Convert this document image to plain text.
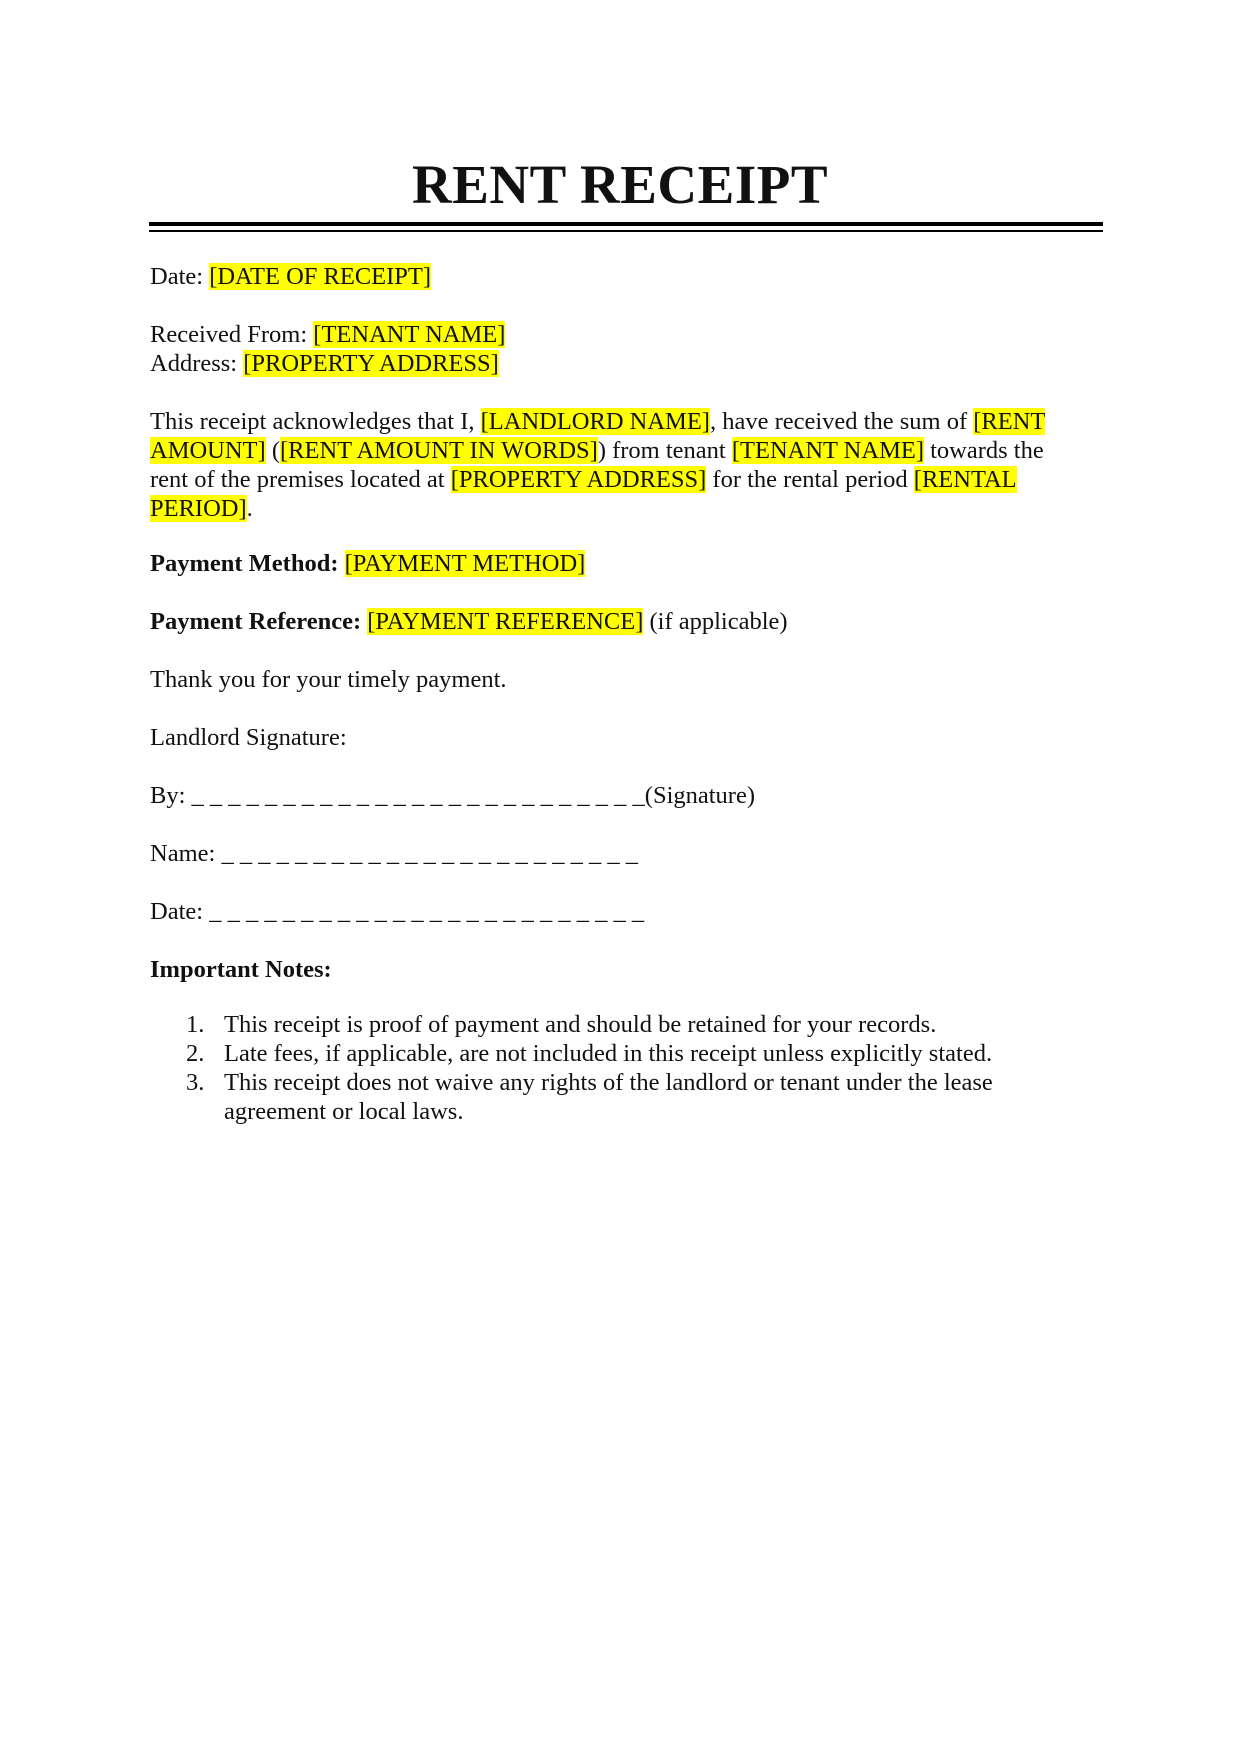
RENT RECEIPT
Date: [DATE OF RECEIPT]
Received From: [TENANT NAME]
Address: [PROPERTY ADDRESS]
This receipt acknowledges that I, [LANDLORD NAME], have received the sum of [RENT AMOUNT] ([RENT AMOUNT IN WORDS]) from tenant [TENANT NAME] towards the rent of the premises located at [PROPERTY ADDRESS] for the rental period [RENTAL PERIOD].
Payment Method: [PAYMENT METHOD]
Payment Reference: [PAYMENT REFERENCE] (if applicable)
Thank you for your timely payment.
Landlord Signature:
By: _ _ _ _ _ _ _ _ _ _ _ _ _ _ _ _ _ _ _ _ _ _ _ _ _(Signature)
Name: _ _ _ _ _ _ _ _ _ _ _ _ _ _ _ _ _ _ _ _ _ _ _
Date: _ _ _ _ _ _ _ _ _ _ _ _ _ _ _ _ _ _ _ _ _ _ _ _
Important Notes:
1. This receipt is proof of payment and should be retained for your records.
2. Late fees, if applicable, are not included in this receipt unless explicitly stated.
3. This receipt does not waive any rights of the landlord or tenant under the lease agreement or local laws.
